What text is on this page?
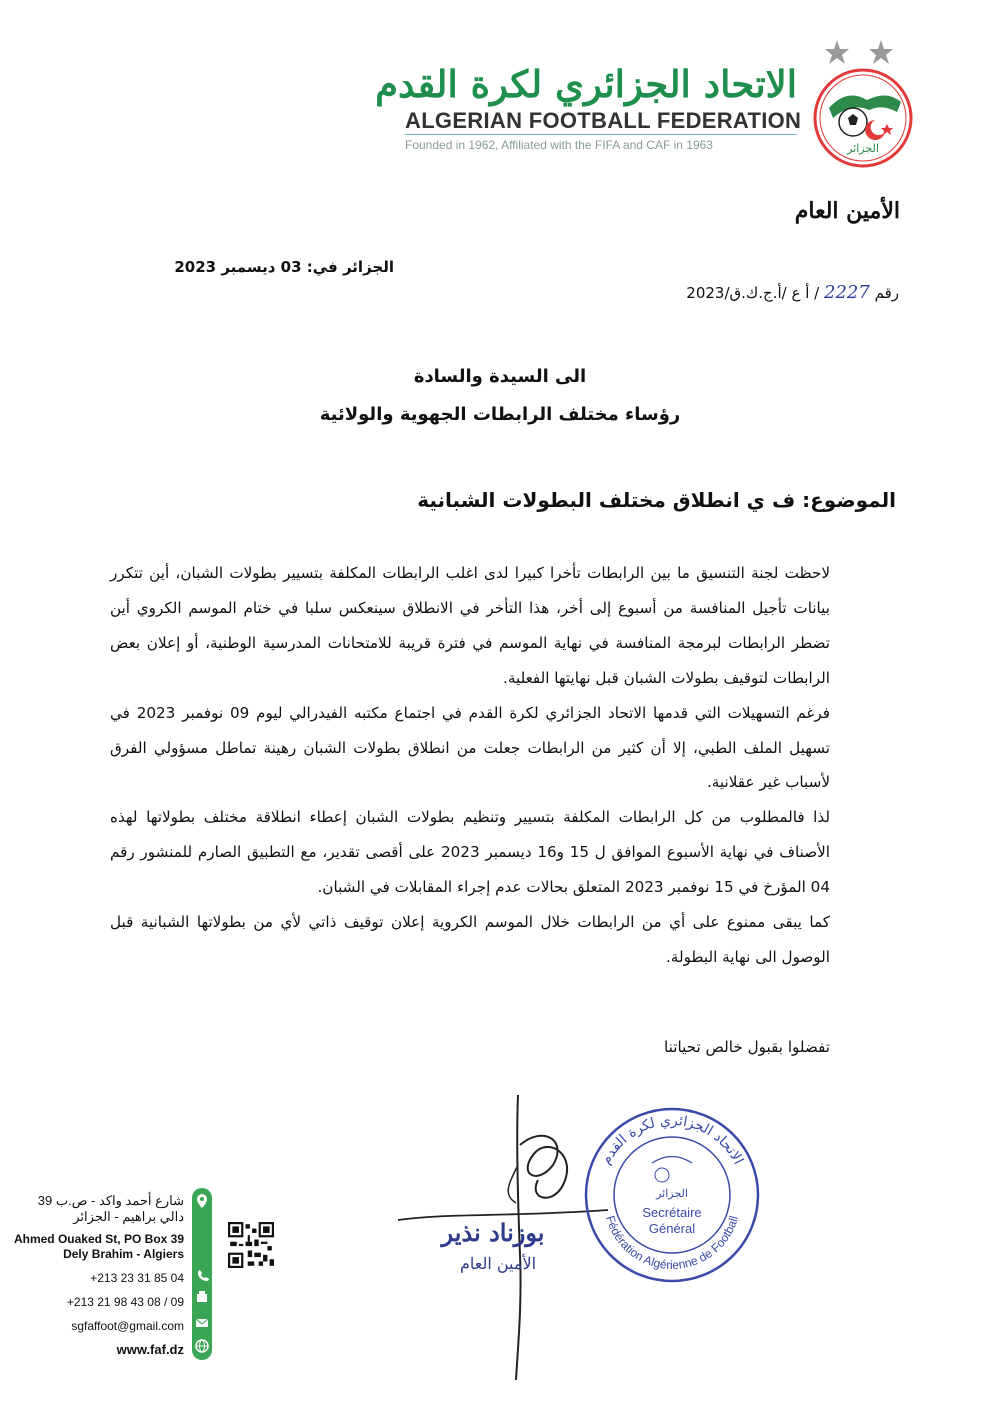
الاتحاد الجزائري لكرة القدم
ALGERIAN FOOTBALL FEDERATION
Founded in 1962, Affiliated with the FIFA and CAF in 1963	الجزائر
الأمين العام
الجزائر في: 03 ديسمبر 2023
رقم 2227 / أ ع /أ.ج.ك.ق/2023
الى السيدة والسادة
رؤساء مختلف الرابطات الجهوية والولائية
الموضوع: ف ي انطلاق مختلف البطولات الشبانية

لاحظت لجنة التنسيق ما بين الرابطات تأخرا كبيرا لدى اغلب الرابطات المكلفة بتسيير بطولات الشبان، أين تتكرر بيانات تأجيل المنافسة من أسبوع إلى أخر، هذا التأخر في الانطلاق سينعكس سلبا في ختام الموسم الكروي أين تضطر الرابطات لبرمجة المنافسة في نهاية الموسم في فترة قريبة للامتحانات المدرسية الوطنية، أو إعلان بعض الرابطات لتوقيف بطولات الشبان قبل نهايتها الفعلية.

فرغم التسهيلات التي قدمها الاتحاد الجزائري لكرة القدم في اجتماع مكتبه الفيدرالي ليوم 09 نوفمبر 2023 في تسهيل الملف الطبي، إلا أن كثير من الرابطات جعلت من انطلاق بطولات الشبان رهينة تماطل مسؤولي الفرق لأسباب غير عقلانية.

لذا فالمطلوب من كل الرابطات المكلفة بتسيير وتنظيم بطولات الشبان إعطاء انطلاقة مختلف بطولاتها لهذه الأصناف في نهاية الأسبوع الموافق ل 15 و16 ديسمبر 2023 على أقصى تقدير، مع التطبيق الصارم للمنشور رقم 04 المؤرخ في 15 نوفمبر 2023 المتعلق بحالات عدم إجراء المقابلات في الشبان.

كما يبقى ممنوع على أي من الرابطات خلال الموسم الكروية إعلان توقيف ذاتي لأي من بطولاتها الشبانية قبل الوصول الى نهاية البطولة.

تفضلوا بقبول خالص تحياتنا
بوزناد نذير
الأمين العام
الاتحاد الجزائري لكرة القدم
Fédération Algérienne de Football
الجزائر
Secrétaire
Général
شارع أحمد واكد - ص.ب 39
دالي براهيم - الجزائر
Ahmed Ouaked St, PO Box 39
Dely Brahim - Algiers
+213 23 31 85 04
+213 21 98 43 08 / 09
sgfaffoot@gmail.com
www.faf.dz
